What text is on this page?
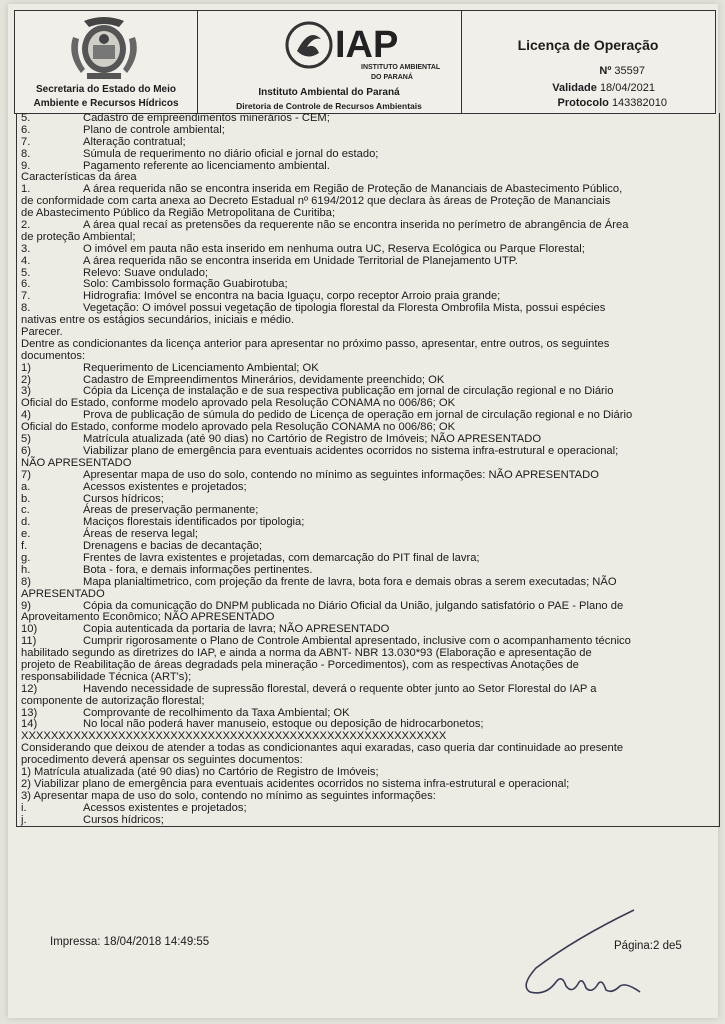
Secretaria do Estado do Meio
Ambiente e Recursos Hídricos
IAP
INSTITUTO AMBIENTAL
DO PARANÁ
Instituto Ambiental do Paraná
Diretoria de Controle de Recursos Ambientais
Licença de Operação
Nº 35597
Validade 18/04/2021
Protocolo 143382010
5.	Cadastro de empreendimentos minerários - CEM;
6.	Plano de controle ambiental;
7.	Alteração contratual;
8.	Súmula de requerimento no diário oficial e jornal do estado;
9.	Pagamento referente ao licenciamento ambiental.
Características da área
1.	A área requerida não se encontra inserida em Região de Proteção de Mananciais de Abastecimento Público,
de conformidade com carta anexa ao Decreto Estadual nº 6194/2012 que declara às áreas de Proteção de Mananciais
de Abastecimento Público da Região Metropolitana de Curitiba;
2.	A área qual recaí as pretensões da requerente não se encontra inserida no perímetro de abrangência de Área
de proteção Ambiental;
3.	O imóvel em pauta não esta inserido em nenhuma outra UC, Reserva Ecológica ou Parque Florestal;
4.	A área requerida não se encontra inserida em Unidade Territorial de Planejamento UTP.
5.	Relevo: Suave ondulado;
6.	Solo: Cambissolo formação Guabirotuba;
7.	Hidrografia: Imóvel se encontra na bacia Iguaçu, corpo receptor Arroio praia grande;
8.	Vegetação: O imóvel possui vegetação de tipologia florestal da Floresta Ombrofila Mista, possui espécies
nativas entre os estágios secundários, iniciais e médio.
Parecer.
Dentre as condicionantes da licença anterior para apresentar no próximo passo, apresentar, entre outros, os seguintes
documentos:
1)	Requerimento de Licenciamento Ambiental; OK
2)	Cadastro de Empreendimentos Minerários, devidamente preenchido; OK
3)	Cópia da Licença de instalação e de sua respectiva publicação em jornal de circulação regional e no Diário
Oficial do Estado, conforme modelo aprovado pela Resolução CONAMA no 006/86; OK
4)	Prova de publicação de súmula do pedido de Licença de operação em jornal de circulação regional e no Diário
Oficial do Estado, conforme modelo aprovado pela Resolução CONAMA no 006/86; OK
5)	Matrícula atualizada (até 90 dias) no Cartório de Registro de Imóveis; NÃO APRESENTADO
6)	Viabilizar plano de emergência para eventuais acidentes ocorridos no sistema infra-estrutural e operacional;
NÃO APRESENTADO
7)	Apresentar mapa de uso do solo, contendo no mínimo as seguintes informações: NÃO APRESENTADO
a.	Acessos existentes e projetados;
b.	Cursos hídricos;
c.	Áreas de preservação permanente;
d.	Maciços florestais identificados por tipologia;
e.	Áreas de reserva legal;
f.	Drenagens e bacias de decantação;
g.	Frentes de lavra existentes e projetadas, com demarcação do PIT final de lavra;
h.	Bota - fora, e demais informações pertinentes.
8)	Mapa planialtimetrico, com projeção da frente de lavra, bota fora e demais obras a serem executadas; NÃO
APRESENTADO
9)	Cópia da comunicação do DNPM publicada no Diário Oficial da União, julgando satisfatório o PAE - Plano de
Aproveitamento Econômico; NÃO APRESENTADO
10)	Copia autenticada da portaria de lavra; NÃO APRESENTADO
11)	Cumprir rigorosamente o Plano de Controle Ambiental apresentado, inclusive com o acompanhamento técnico
habilitado segundo as diretrizes do IAP, e ainda a norma da ABNT- NBR 13.030*93 (Elaboração e apresentação de
projeto de Reabilitação de áreas degradads pela mineração - Porcedimentos), com as respectivas Anotações de
responsabilidade Técnica (ART's);
12)	Havendo necessidade de supressão florestal, deverá o requente obter junto ao Setor Florestal do IAP a
componente de autorização florestal;
13)	Comprovante de recolhimento da Taxa Ambiental; OK
14)	No local não poderá haver manuseio, estoque ou deposição de hidrocarbonetos;
XXXXXXXXXXXXXXXXXXXXXXXXXXXXXXXXXXXXXXXXXXXXXXXXXXXXXXXXX
Considerando que deixou de atender a todas as condicionantes aqui exaradas, caso queria dar continuidade ao presente
procedimento deverá apensar os seguintes documentos:
1) Matrícula atualizada (até 90 dias) no Cartório de Registro de Imóveis;
2) Viabilizar plano de emergência para eventuais acidentes ocorridos no sistema infra-estrutural e operacional;
3) Apresentar mapa de uso do solo, contendo no mínimo as seguintes informações:
i.	Acessos existentes e projetados;
j.	Cursos hídricos;
Impressa: 18/04/2018 14:49:55	Página:2 de5
